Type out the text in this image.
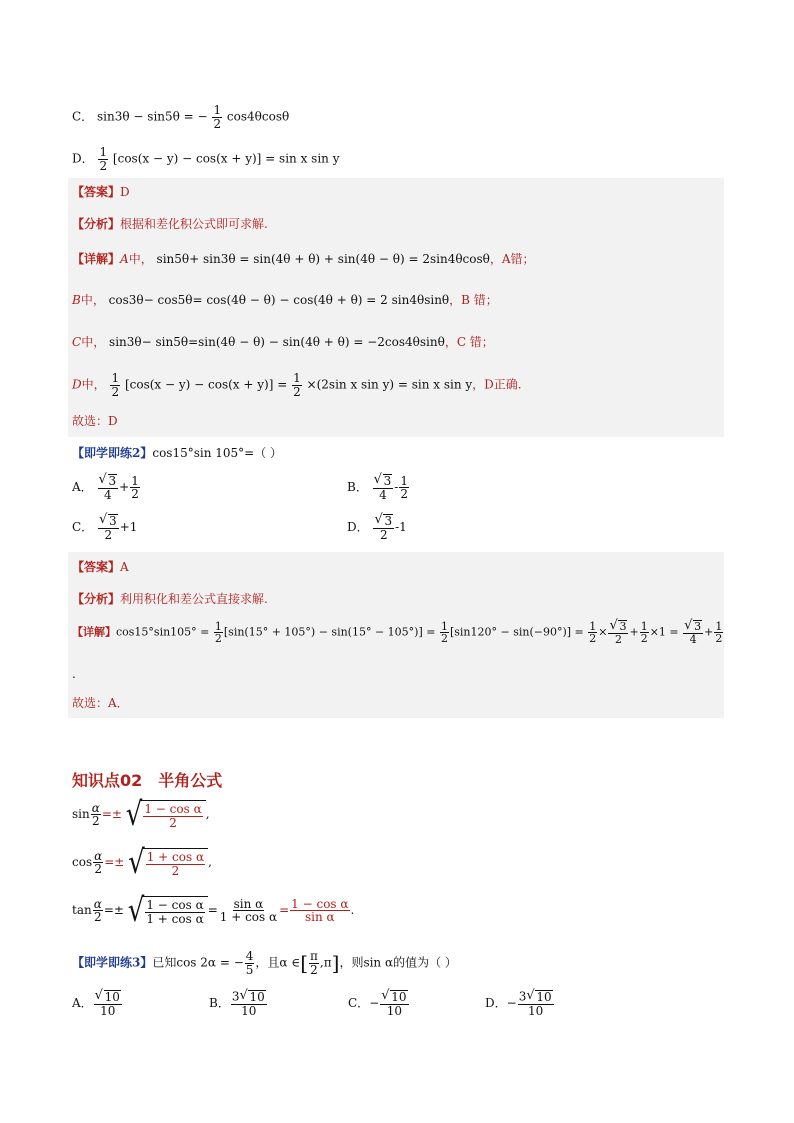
C． sin3θ − sin5θ = − $\frac{1}{2} \cos 4\theta\cos\theta$
D． $\frac{1}{2} [\cos(x - y) - \cos(x + y)] = \sin x$ sin y
【答案】D
【分析】根据和差化积公式即可求解.
【详解】A中， sin5θ+ sin3θ = sin(4θ + θ) + sin(4θ − θ) = 2sin4θcosθ，A错；
B中， cos3θ− cos5θ= cos(4θ − θ) − cos(4θ + θ) = 2 sin4θsinθ，B 错；
C中， sin3θ− sin5θ=sin(4θ − θ) − sin(4θ + θ) = −2cos4θsinθ，C 错；
D中， $\frac{1}{2} [\cos(x - y) - \cos(x + y)] = \frac{1}{2} \times(2\sin$ x sin y) = sin x sin y，D正确.
故选：D
【即学即练2】cos15°sin 105°=（ ）
A． √ $\frac{3}{4} + \frac{1}{2}$	B． √ $\frac{3}{4} - \frac{1}{2}$
C． √ $\frac{3}{2} +1$	D． √ $\frac{3}{2} -1$
【答案】A
【分析】利用积化和差公式直接求解.
【详解】$\cos 15^\circ\sin 105^\circ = \frac{1}{2} [\sin(15^\circ + 105^\circ) - \sin(15^\circ - 105^\circ)] = \frac{1}{2} [\sin 120^\circ - \sin(-90^\circ)] = \frac{1}{2}$ × √ $\frac{3}{2} + \frac{1}{2} \times 1$ = √ $\frac{3}{4} + \frac{1}{2}$
.
故选：A．
知识点02　半角公式
$\sin \frac{\alpha}{2}$ =± √ $\frac{\text{1 − cos α}}{2}$ ,
$\cos \frac{\alpha}{2}$ =± √ $\frac{\text{1 + cos α}}{2}$ ,
$\tan \frac{\alpha}{2}$ =± √ $\frac{\text{1 − cos α}}{\text{1 + cos α}} = \frac{\text{sin α}}{\text{1 + cos α}} = \frac{\text{1 − cos α}}{\text{sin α}}$ .
【即学即练3】已知cos 2α = − $\frac{4}{5}$ ，且α ∈[ $\frac{\pi}{2} ,\pi$]，则sin α的值为（ ）
A． √ $\frac{10}{10}$	B． $\frac{3 √ 10}{10}$	C．− √ $\frac{10}{10}$	D．− $\frac{3 √ 10}{10}$
